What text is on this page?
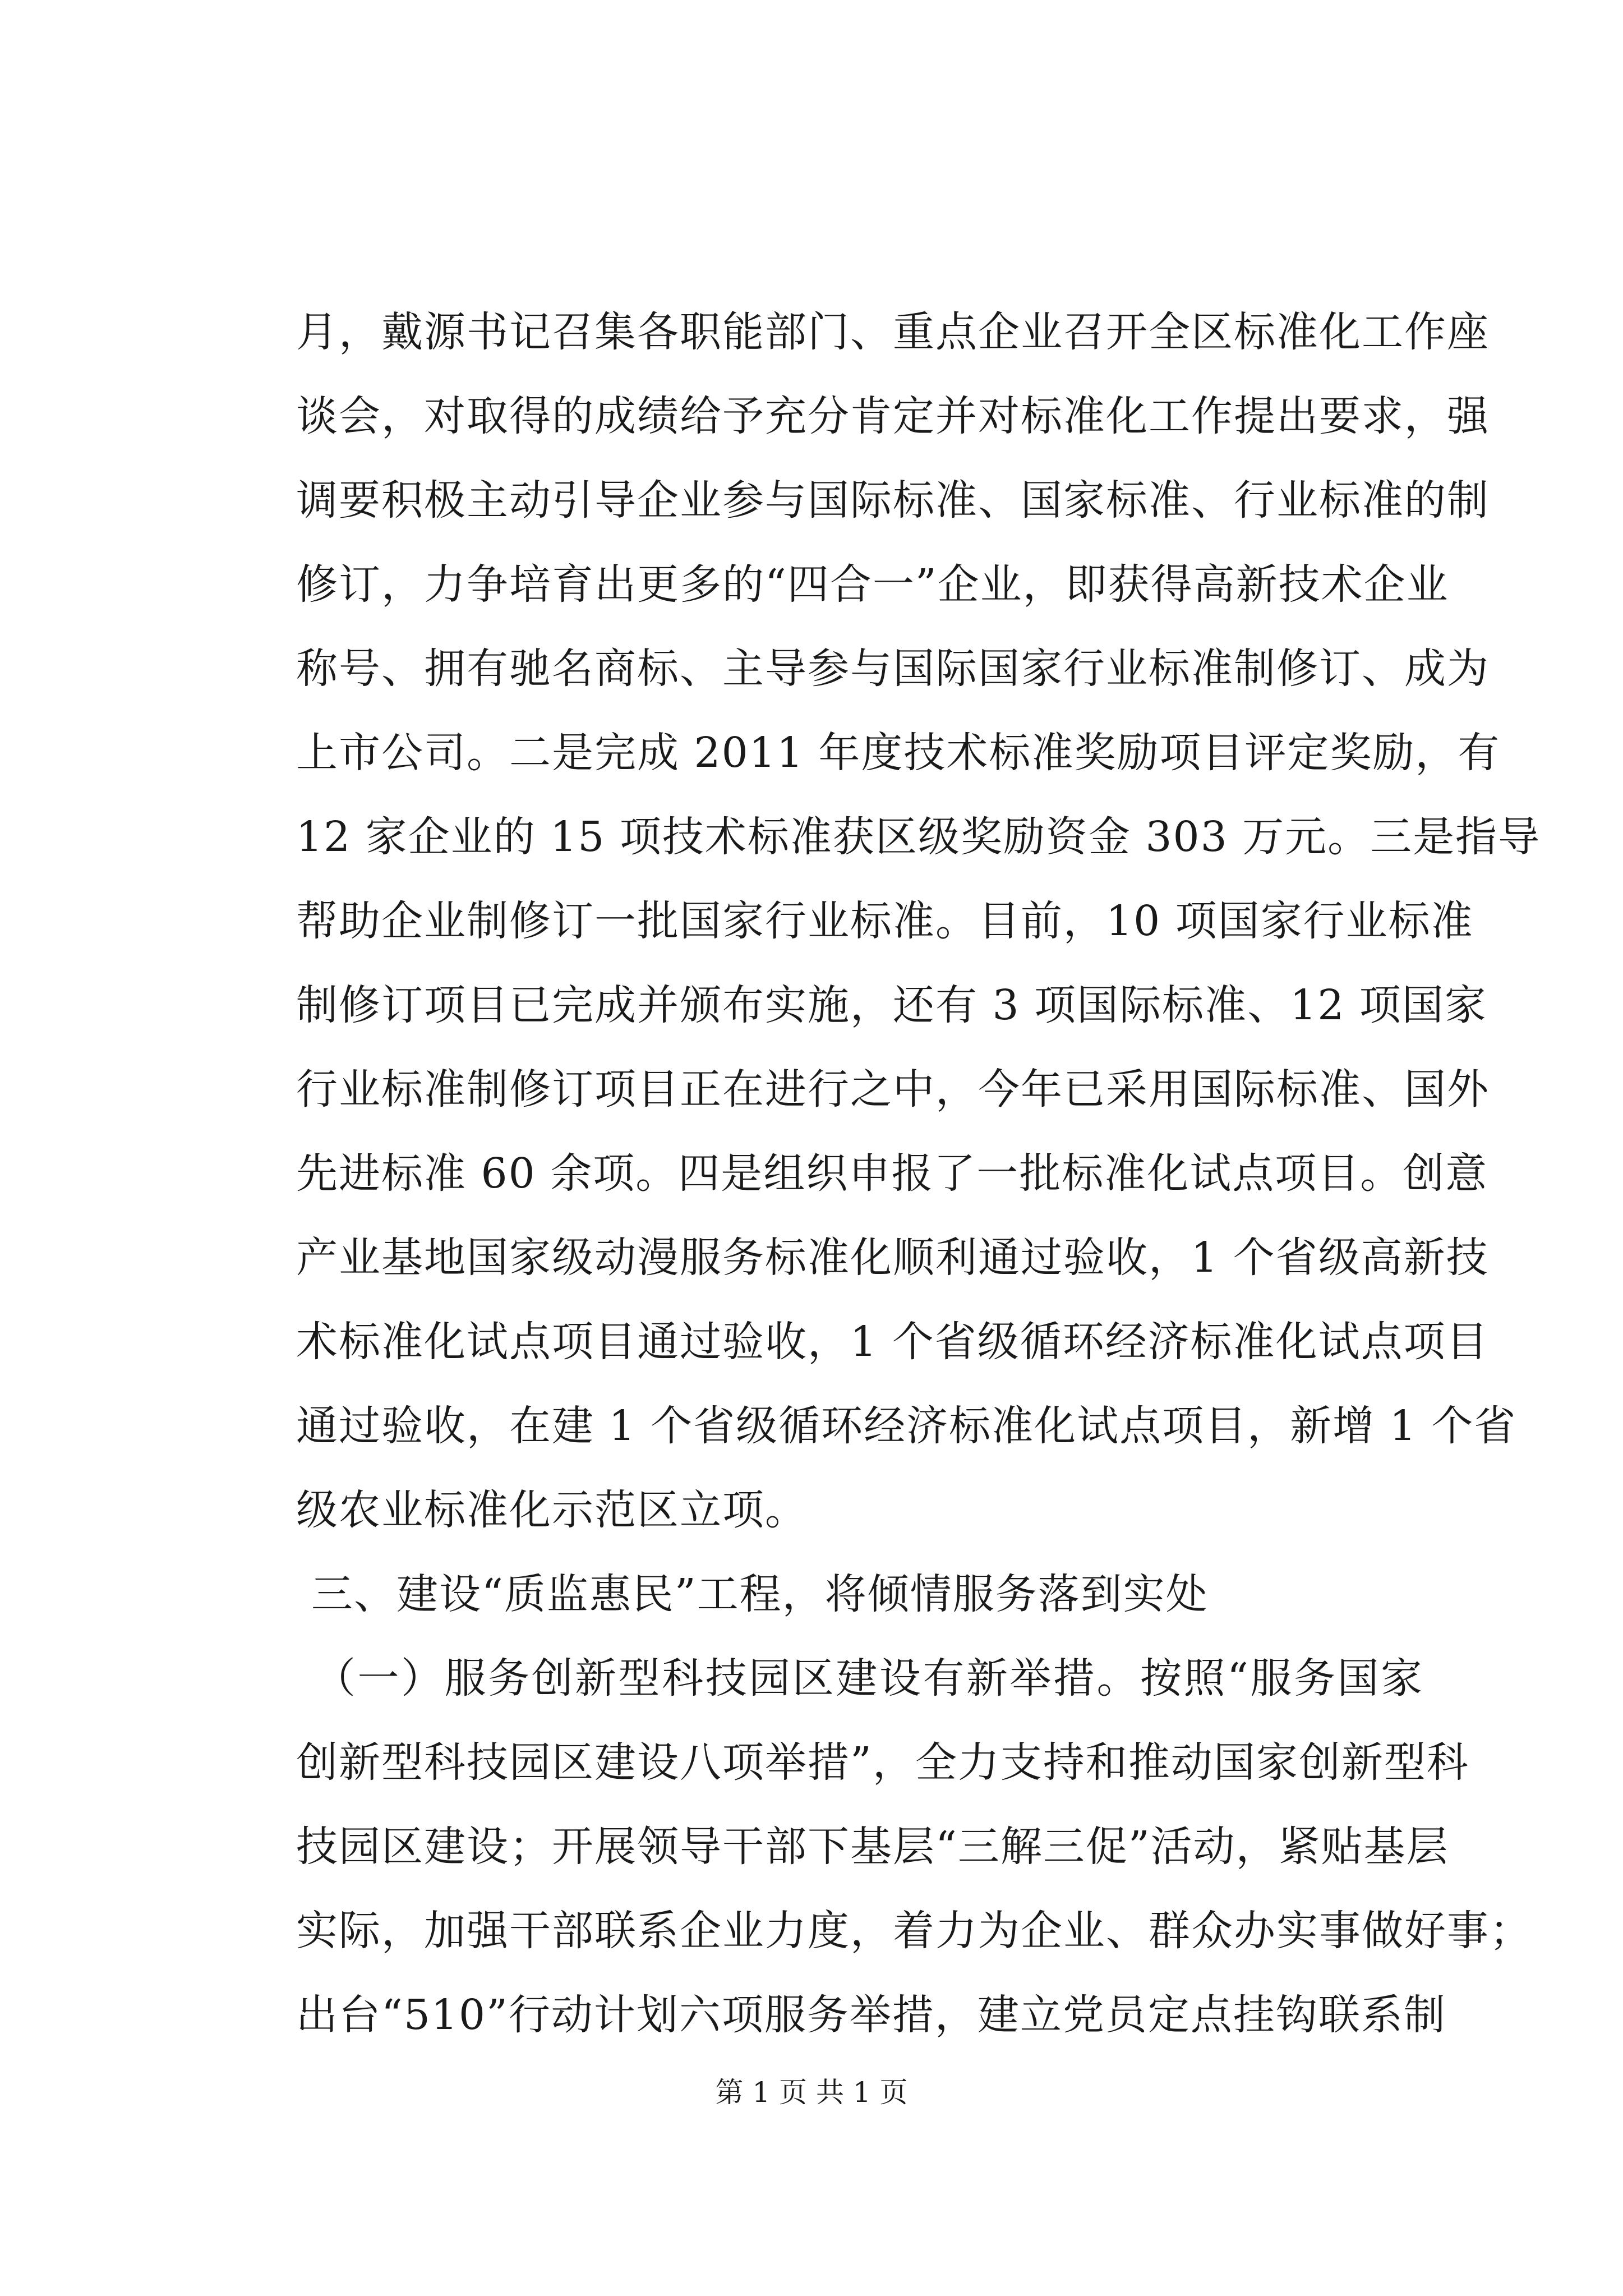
月，戴源书记召集各职能部门、重点企业召开全区标准化工作座
谈会，对取得的成绩给予充分肯定并对标准化工作提出要求，强
调要积极主动引导企业参与国际标准、国家标准、行业标准的制
修订，力争培育出更多的“四合一”企业，即获得高新技术企业
称号、拥有驰名商标、主导参与国际国家行业标准制修订、成为
上市公司。二是完成 2011 年度技术标准奖励项目评定奖励，有
12 家企业的 15 项技术标准获区级奖励资金 303 万元。三是指导
帮助企业制修订一批国家行业标准。目前，10 项国家行业标准
制修订项目已完成并颁布实施，还有 3 项国际标准、12 项国家
行业标准制修订项目正在进行之中，今年已采用国际标准、国外
先进标准 60 余项。四是组织申报了一批标准化试点项目。创意
产业基地国家级动漫服务标准化顺利通过验收，1 个省级高新技
术标准化试点项目通过验收，1 个省级循环经济标准化试点项目
通过验收，在建 1 个省级循环经济标准化试点项目，新增 1 个省
级农业标准化示范区立项。
三、建设“质监惠民”工程，将倾情服务落到实处
（一）服务创新型科技园区建设有新举措。按照“服务国家
创新型科技园区建设八项举措”，全力支持和推动国家创新型科
技园区建设；开展领导干部下基层“三解三促”活动，紧贴基层
实际，加强干部联系企业力度，着力为企业、群众办实事做好事；
出台“510”行动计划六项服务举措，建立党员定点挂钩联系制
第 1 页 共 1 页
